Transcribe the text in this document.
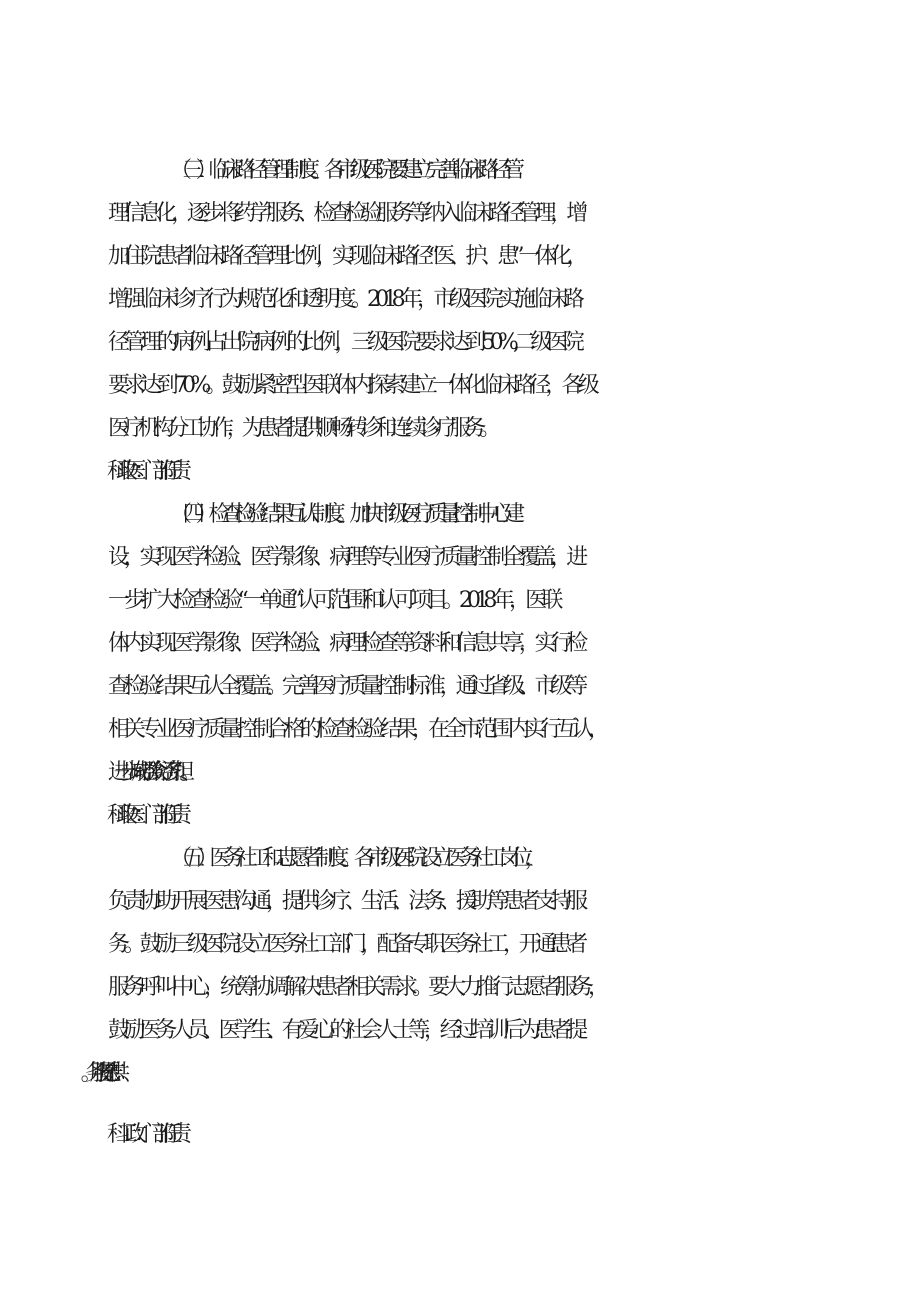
（三）临床路径管理制度。各市级医院要建立完善临床路径管
理信息化，逐步将药学服务、检查检验服务等纳入临床路径管理，增
加住院患者临床路径管理比例，实现临床路径“医、护、患”一体化，
增强临床诊疗行为规范化和透明度。2018 年，市级医院实施临床路
径管理的病例占出院病例的比例，三级医院要求达到 50%,二级医院
要求达到 70%。鼓励紧密型医联体内探索建立一体化临床路径，各级
医疗机构分工协作，为患者提供顺畅转诊和连续诊疗服务。
（四）检查检验结果互认制度。加快市级医疗质量控制中心建
设，实现医学检验、医学影像、病理等专业医疗质量控制全覆盖，进
一步扩大检查检验“一单通”认可范围和认可项目。2018 年，医联
体内实现医学影像、医学检验、病理检查等资料和信息共享，实行检
查检验结果互认全覆盖。完善医疗质量控制标准，通过省级、市级等
相关专业医疗质量控制合格的检查检验结果，在全市范围内实行互认，
进一步减轻群众经济负担。
（五）医务社工和志愿者制度。各市级医院设立医务社工岗位，
负责协助开展医患沟通，提供诊疗、生活、法务、援助等患者支持服
务。鼓励三级医院设立医务社工部门，配备专职医务社工，开通患者
服务呼叫中心，统筹协调解决患者相关需求。要大力推行志愿者服务，
鼓励医务人员、医学生、有爱心的社会人士等，经过培训后为患者提
